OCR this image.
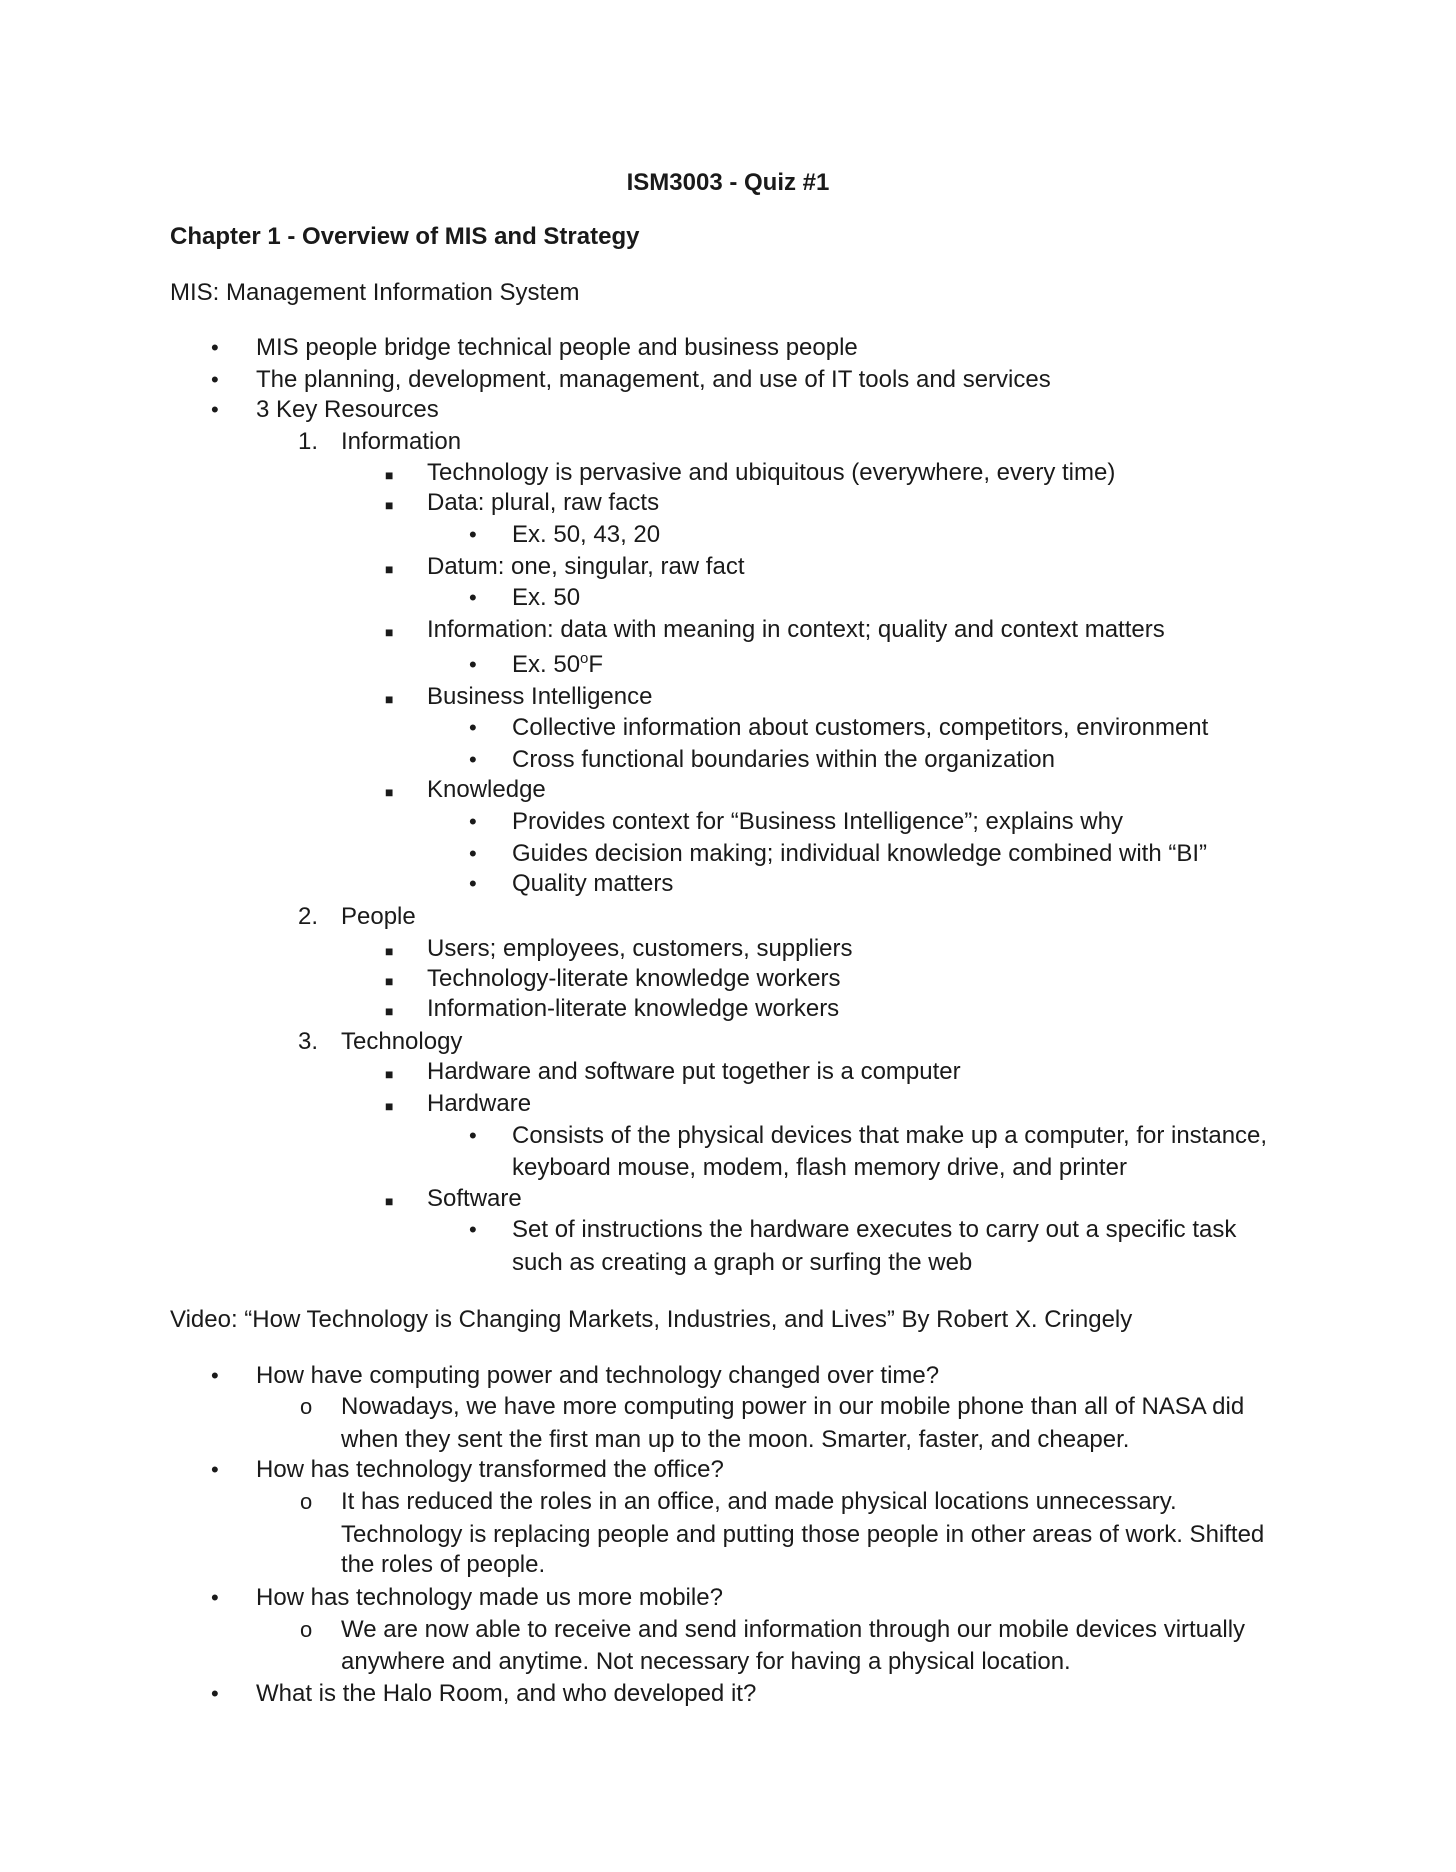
ISM3003 - Quiz #1
Chapter 1 - Overview of MIS and Strategy
MIS: Management Information System
• MIS people bridge technical people and business people
• The planning, development, management, and use of IT tools and services
• 3 Key Resources
1. Information
■ Technology is pervasive and ubiquitous (everywhere, every time)
■ Data: plural, raw facts
• Ex. 50, 43, 20
■ Datum: one, singular, raw fact
• Ex. 50
■ Information: data with meaning in context; quality and context matters
• Ex. 50$^o$F
■ Business Intelligence
• Collective information about customers, competitors, environment
• Cross functional boundaries within the organization
■ Knowledge
• Provides context for “Business Intelligence”; explains why
• Guides decision making; individual knowledge combined with “BI”
• Quality matters
2. People
■ Users; employees, customers, suppliers
■ Technology-literate knowledge workers
■ Information-literate knowledge workers
3. Technology
■ Hardware and software put together is a computer
■ Hardware
• Consists of the physical devices that make up a computer, for instance,
keyboard mouse, modem, flash memory drive, and printer
■ Software
• Set of instructions the hardware executes to carry out a specific task
such as creating a graph or surfing the web
Video: “How Technology is Changing Markets, Industries, and Lives” By Robert X. Cringely
• How have computing power and technology changed over time?
o Nowadays, we have more computing power in our mobile phone than all of NASA did
when they sent the first man up to the moon. Smarter, faster, and cheaper.
• How has technology transformed the office?
o It has reduced the roles in an office, and made physical locations unnecessary.
Technology is replacing people and putting those people in other areas of work. Shifted
the roles of people.
• How has technology made us more mobile?
o We are now able to receive and send information through our mobile devices virtually
anywhere and anytime. Not necessary for having a physical location.
• What is the Halo Room, and who developed it?
